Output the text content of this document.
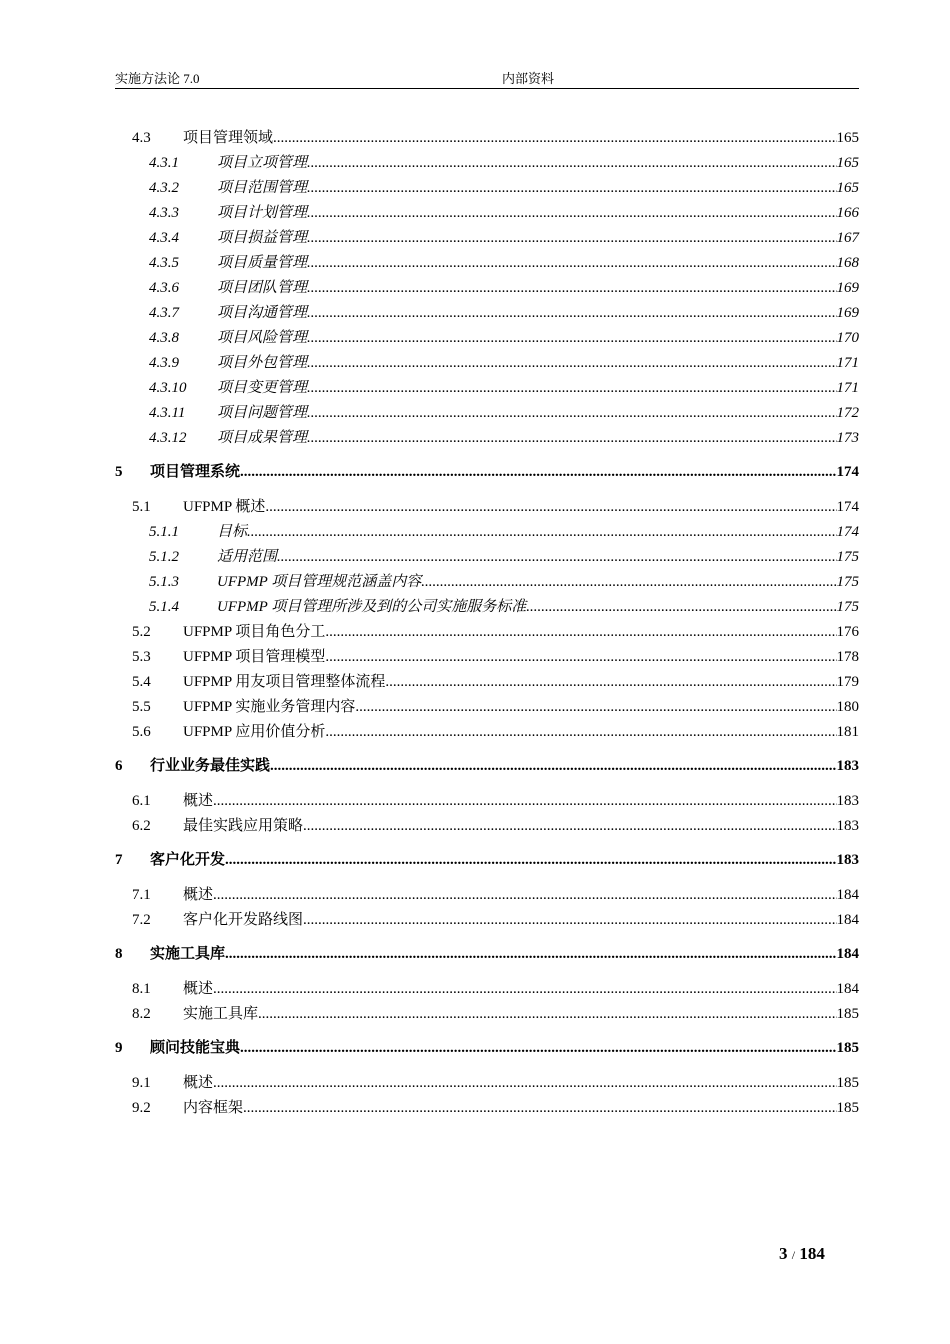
实施方法论 7.0	内部资料
4.3 项目管理领域 .....	165
4.3.1	项目立项管理 .....	165
4.3.2	项目范围管理 .....	165
4.3.3	项目计划管理 .....	166
4.3.4	项目损益管理 .....	167
4.3.5	项目质量管理 .....	168
4.3.6	项目团队管理 .....	169
4.3.7	项目沟通管理 .....	169
4.3.8	项目风险管理 .....	170
4.3.9	项目外包管理 .....	171
4.3.10 项目变更管理 .....	171
4.3.11 项目问题管理 .....	172
4.3.12 项目成果管理 .....	173
5 项目管理系统 .....	174
5.1 UFPMP 概述 .....	174
5.1.1	目标 .....	174
5.1.2	适用范围 .....	175
5.1.3	UFPMP 项目管理规范涵盖内容 .....	175
5.1.4	UFPMP 项目管理所涉及到的公司实施服务标准 .....	175
5.2 UFPMP 项目角色分工 .....	176
5.3 UFPMP 项目管理模型 .....	178
5.4 UFPMP 用友项目管理整体流程 .....	179
5.5 UFPMP 实施业务管理内容 .....	180
5.6 UFPMP 应用价值分析 .....	181
6 行业业务最佳实践 .....	183
6.1 概述 .....	183
6.2 最佳实践应用策略 .....	183
7 客户化开发 .....	183
7.1 概述 .....	184
7.2 客户化开发路线图 .....	184
8 实施工具库 .....	184
8.1 概述 .....	184
8.2 实施工具库 .....	185
9 顾问技能宝典 .....	185
9.1 概述 .....	185
9.2 内容框架 .....	185
3 / 184
